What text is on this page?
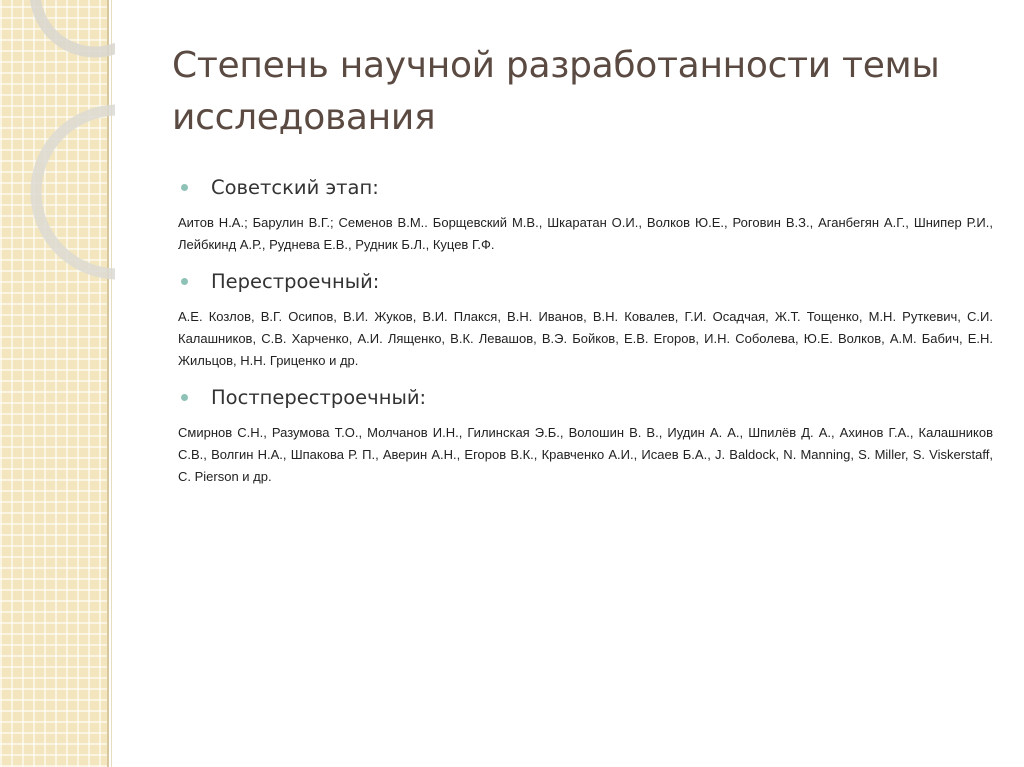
Степень научной разработанности темы исследования
Советский этап:

Аитов Н.А.; Барулин В.Г.; Семенов В.М.. Борщевский М.В., Шкаратан О.И., Волков Ю.Е., Роговин В.З., Аганбегян А.Г., Шнипер Р.И., Лейбкинд А.Р., Руднева Е.В., Рудник Б.Л., Куцев Г.Ф.

Перестроечный:

А.Е. Козлов, В.Г. Осипов, В.И. Жуков, В.И. Плакся, В.Н. Иванов, В.Н. Ковалев, Г.И. Осадчая, Ж.Т. Тощенко, М.Н. Руткевич, С.И. Калашников, С.В. Харченко, А.И. Лященко, В.К. Левашов, В.Э. Бойков, Е.В. Егоров, И.Н. Соболева, Ю.Е. Волков, А.М. Бабич, Е.Н. Жильцов, Н.Н. Гриценко и др.

Постперестроечный:

Смирнов С.Н., Разумова Т.О., Молчанов И.Н., Гилинская Э.Б., Волошин В. В., Иудин А. А., Шпилёв Д. А., Ахинов Г.А., Калашников С.В., Волгин Н.А., Шпакова Р. П., Аверин А.Н., Егоров В.К., Кравченко А.И., Исаев Б.А., J. Baldock, N. Manning, S. Miller, S. Viskerstaff, C. Pierson и др.
